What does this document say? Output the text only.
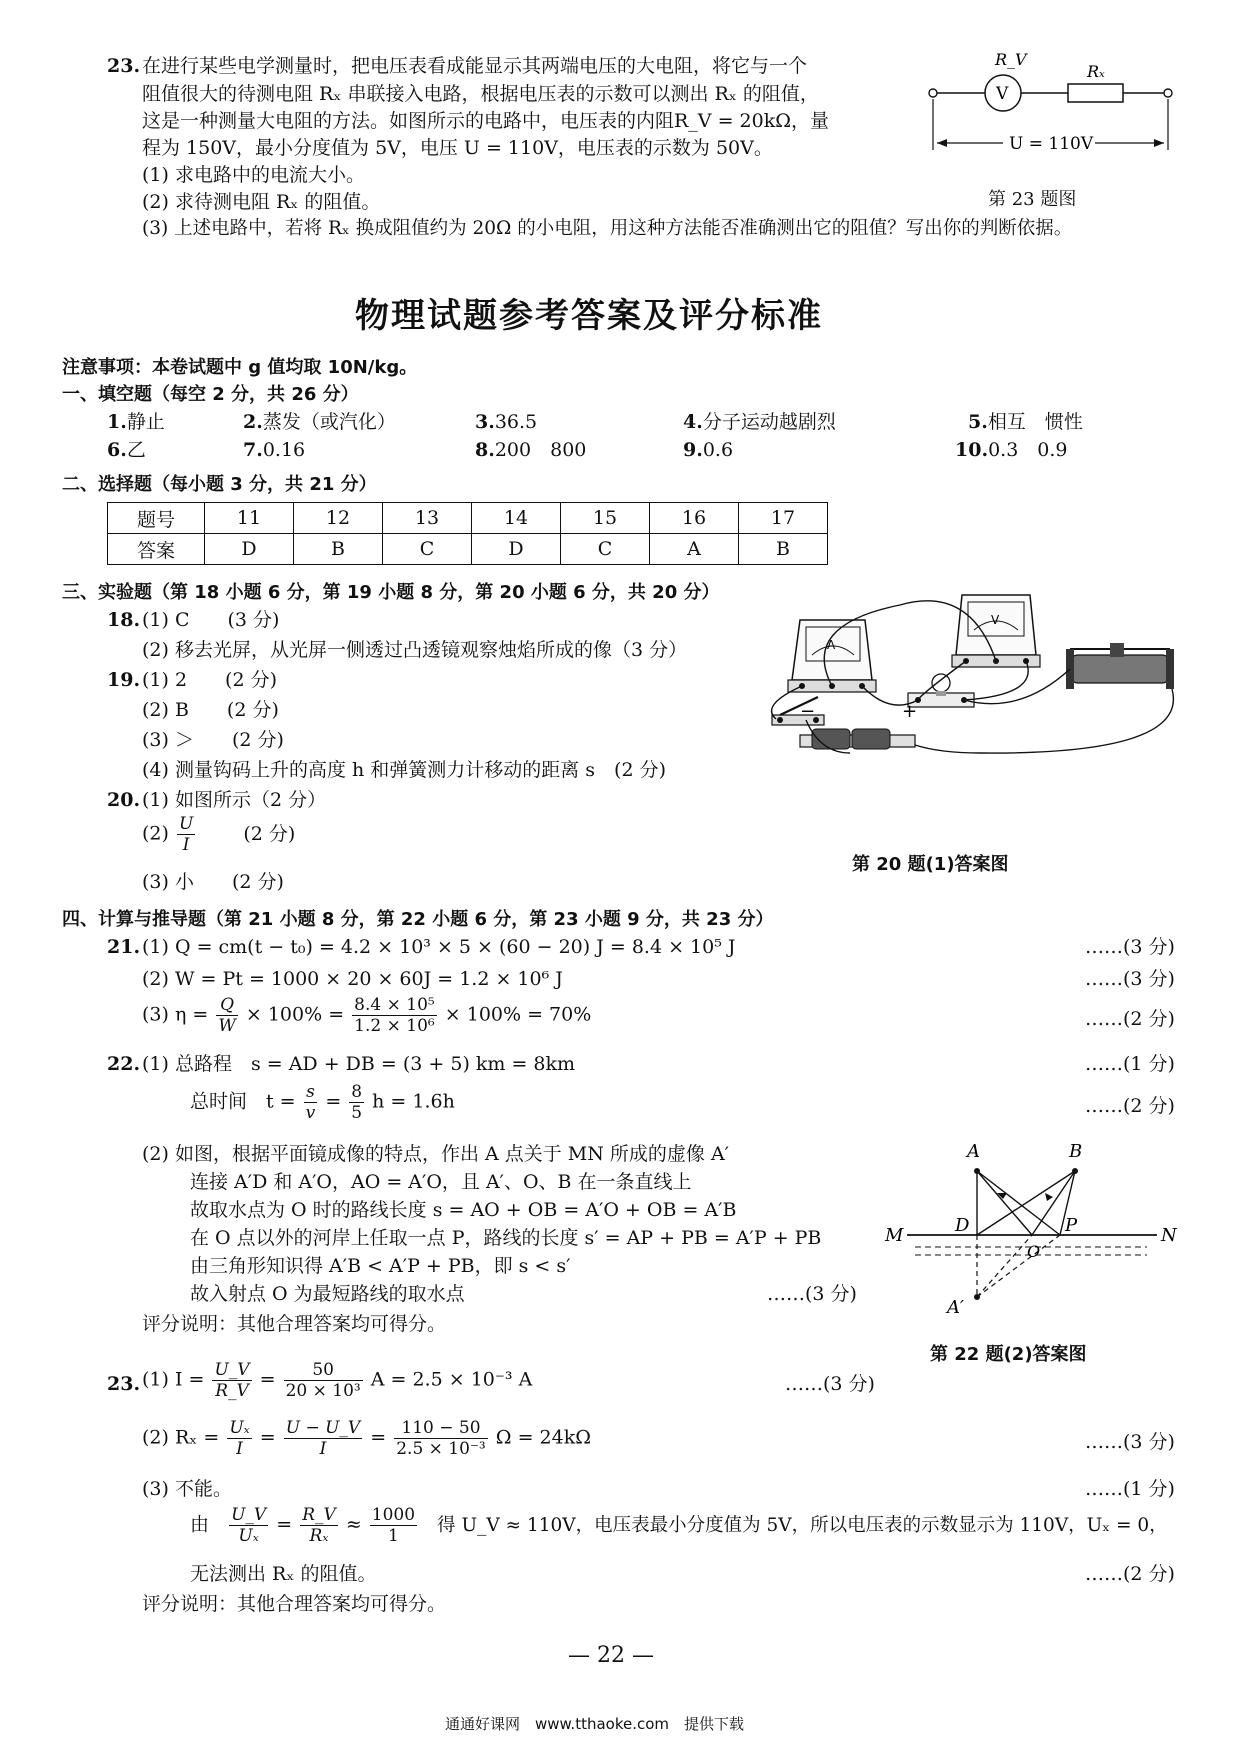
23. 在进行某些电学测量时，把电压表看成能显示其两端电压的大电阻，将它与一个
阻值很大的待测电阻 Rₓ 串联接入电路，根据电压表的示数可以测出 Rₓ 的阻值，
这是一种测量大电阻的方法。如图所示的电路中，电压表的内阻R_V = 20kΩ，量
程为 150V，最小分度值为 5V，电压 U = 110V，电压表的示数为 50V。
(1) 求电路中的电流大小。
(2) 求待测电阻 Rₓ 的阻值。
(3) 上述电路中，若将 Rₓ 换成阻值约为 20Ω 的小电阻，用这种方法能否准确测出它的阻值？写出你的判断依据。
R_V
V
Rₓ
U = 110V
第 23 题图
物理试题参考答案及评分标准
注意事项：本卷试题中 g 值均取 10N/kg。
一、填空题（每空 2 分，共 26 分）
1.静止	2.蒸发（或汽化）	3.36.5	4.分子运动越剧烈	5.相互　惯性
6.乙	7.0.16	8.200　800	9.0.6	10.0.3　0.9
二、选择题（每小题 3 分，共 21 分）
题号	11	12	13	14	15	16	17
答案	D	B	C	D	C	A	B
三、实验题（第 18 小题 6 分，第 19 小题 8 分，第 20 小题 6 分，共 20 分）
18. (1) C　　(3 分)
(2) 移去光屏，从光屏一侧透过凸透镜观察烛焰所成的像（3 分）
19. (1) 2　　(2 分)
(2) B　　(2 分)
(3) ＞　　(2 分)
(4) 测量钩码上升的高度 h 和弹簧测力计移动的距离 s　(2 分)
20. (1) 如图所示（2 分）
$(2) \frac{U}{I}$	(2 分)
(3) 小　　(2 分)
A
V
−	+
第 20 题(1)答案图
四、计算与推导题（第 21 小题 8 分，第 22 小题 6 分，第 23 小题 9 分，共 23 分）
21. (1) Q = cm(t − t₀) = 4.2 × 10³ × 5 × (60 − 20) J = 8.4 × 10⁵ J	……(3 分)
(2) W = Pt = 1000 × 20 × 60J = 1.2 × 10⁶ J	……(3 分)
(3) $\eta = \frac{Q}{W} \times 100\% = \frac{\text{8.4 × 10⁵}}{\text{1.2 × 10⁶}} \times 100\% = 70\%$	……(2 分)
22. (1) 总路程　s = AD + DB = (3 + 5) km = 8km	……(1 分)
总时间　$t = \frac{s}{v} = \frac{8}{5}$ h = 1.6h	……(2 分)
(2) 如图，根据平面镜成像的特点，作出 A 点关于 MN 所成的虚像 A′
连接 A′D 和 A′O，AO = A′O，且 A′、O、B 在一条直线上
故取水点为 O 时的路线长度 s = AO + OB = A′O + OB = A′B
在 O 点以外的河岸上任取一点 P，路线的长度 s′ = AP + PB = A′P + PB
由三角形知识得 A′B < A′P + PB，即 s < s′
故入射点 O 为最短路线的取水点	……(3 分)
评分说明：其他合理答案均可得分。
A	B
M	N
D	P
O
A′
第 22 题(2)答案图
23. (1) $I = \frac{U\_V}{R\_V} = \frac{50}{\text{20 × 10³}}$ A = 2.5 × 10⁻³ A	……(3 分)
(2) $R_x = \frac{\text{Uₓ}}{I} = \frac{U - U\_V}{I} = \frac{110 - 50}{\text{2.5 × 10⁻³}}$ Ω = 24kΩ	……(3 分)
(3) 不能。	……(1 分)
由 $\frac{U\_V}{\text{Uₓ}} = \frac{R\_V}{\text{Rₓ}} \approx \frac{1000}{1}$ 得 U_V ≈ 110V，电压表最小分度值为 5V，所以电压表的示数显示为 110V，Uₓ = 0，
无法测出 Rₓ 的阻值。	……(2 分)
评分说明：其他合理答案均可得分。
— 22 —
通通好课网　www.tthaoke.com　提供下载
